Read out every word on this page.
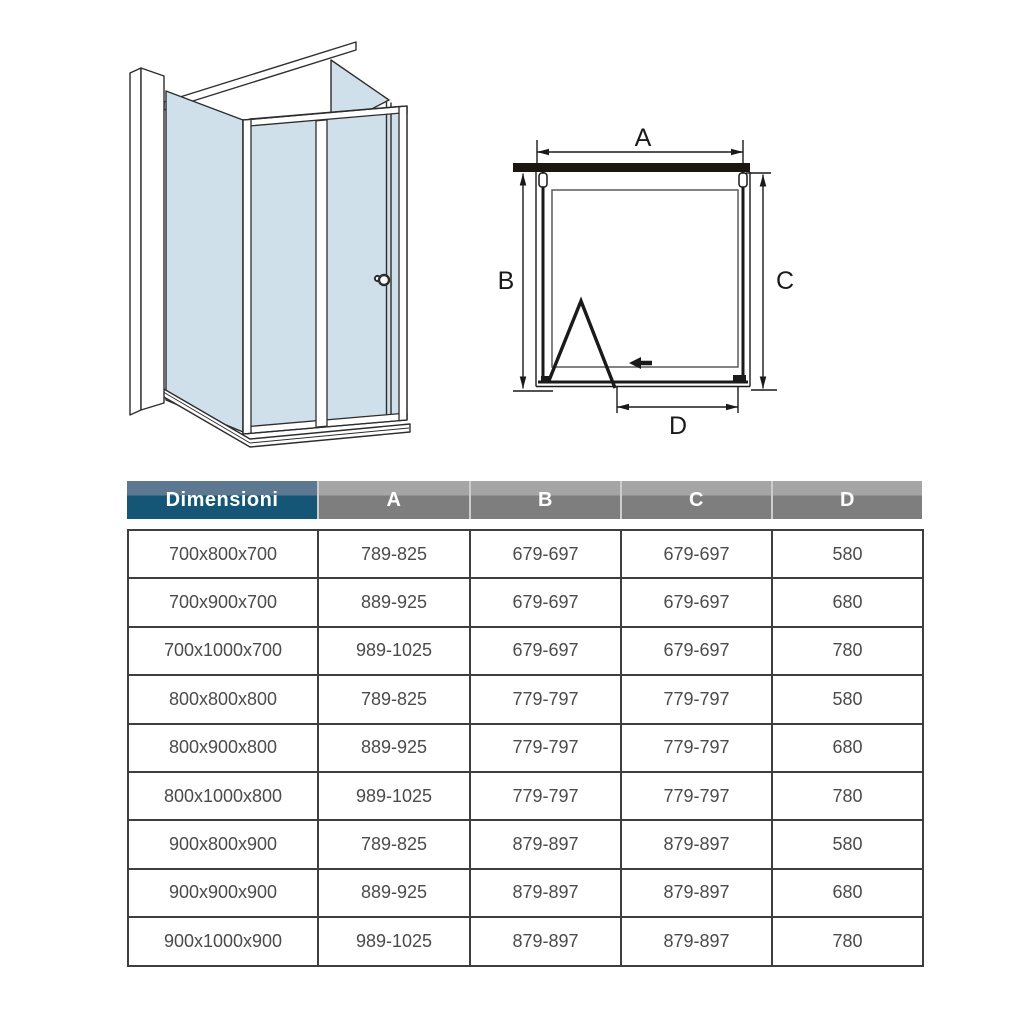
A
B	C
D
Dimensioni	A	B	C	D
700x800x700	789-825	679-697	679-697	580
700x900x700	889-925	679-697	679-697	680
700x1000x700	989-1025	679-697	679-697	780
800x800x800	789-825	779-797	779-797	580
800x900x800	889-925	779-797	779-797	680
800x1000x800	989-1025	779-797	779-797	780
900x800x900	789-825	879-897	879-897	580
900x900x900	889-925	879-897	879-897	680
900x1000x900	989-1025	879-897	879-897	780
